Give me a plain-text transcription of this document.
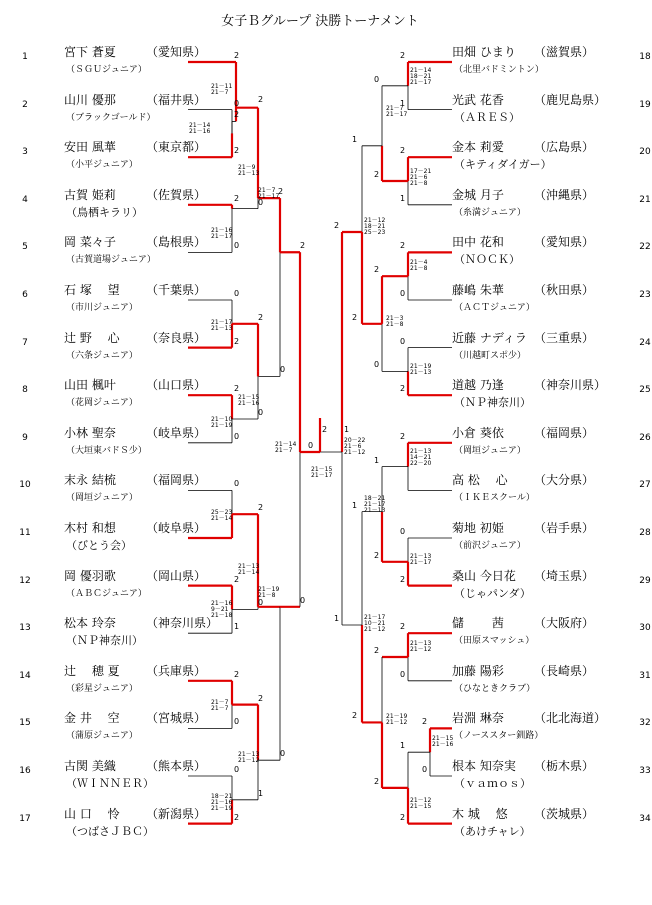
女子Ｂグループ 決勝トーナメント
1	宮下 蒼夏	（愛知県）
（ＳＧＵジュニア）
2	山川 優那	（福井県）
（ブラックゴールド）
3	安田 風華	（東京都）
（小平ジュニア）
4	古賀 姫莉	（佐賀県）
（鳥栖キラリ）
5	岡 菜々子	（島根県）
（古賀道場ジュニア）
6	石 塚　 望 （千葉県）
（市川ジュニア）
7	辻 野　 心 （奈良県）
（六条ジュニア）
8	山田 楓叶	（山口県）
（花岡ジュニア）
9	小林 聖奈	（岐阜県）
（大垣東バドＳ少）
10	末永 結梳	（福岡県）
（岡垣ジュニア）
11	木村 和想	（岐阜県）
（びとう会）
12	岡 優羽歌	（岡山県）
（ＡＢＣジュニア）
13	松本 玲奈	（神奈川県）
（ＮＰ神奈川）
14	辻　 穂 夏 （兵庫県）
（彩星ジュニア）
15	金 井　 空 （宮城県）
（蒲原ジュニア）
16	古関 美織	（熊本県）
（ＷＩＮＮＥＲ）
17	山 口　 怜 （新潟県）
（つばさＪＢＣ）
18
田畑 ひまり （滋賀県）
（北里バドミントン）
19
光武 花香	（鹿児島県）
（ＡＲＥＳ）
20
金本 莉愛	（広島県）
（キティダイガー）
21
金城 月子	（沖縄県）
（糸満ジュニア）
22
田中 花和	（愛知県）
（ＮＯＣＫ）
23
藤嶋 朱華	（秋田県）
（ＡＣＴジュニア）
24
近藤 ナディラ （三重県）
（川越町スポ少）
25
道越 乃逢	（神奈川県）
（ＮＰ神奈川）
26
小倉 葵依	（福岡県）
（岡垣ジュニア）
27
高 松　 心 （大分県）
（ＩＫＥスクール）
28
菊地 初姫	（岩手県）
（前沢ジュニア）
29
桑山 今日花 （埼玉県）
（じゃパンダ）
30
儲　　 茜	（大阪府）
（田原スマッシュ）
31
加藤 陽彩	（長崎県）
（ひなときクラブ）
32
岩淵 琳奈	（北北海道）
（ノーススター釧路）
33
根本 知奈実 （栃木県）
（ｖａｍｏｓ）
34
木 城　 悠 （茨城県）
（あけチャレ）
2
0
2
2
2
2
0
0
2
0
2
2
2
0
0
0
2
0
2
2
1
0
2
0
2
0
2
1
0
0
2
0
2
1
0
2
1
2
1
2
0
2
0
2
0
2
2
2
1
0
2
2
1
2
0
2
2
0
1
2
2
2
1
1
21－11
21－7
21－14
21－16
21－9
21－13
21－16
21－17
21－7
21－17
21－17
21－13
21－15
21－16
21－10
21－19
21－14
21－7
21－15
21－17
25－23
21－14
21－13
21－14
21－16
9－21
21－18
21－19
21－8
21－7
21－7
21－13
21－12
18－21
21－16
21－19
21－14
18－21
21－17
21－7
21－17
17－21
21－6
21－8
21－12
18－21
25－23
21－4
21－8
21－3
21－8
21－19
21－13
20－22
21－6
21－12	21－13
14－21
22－20
18－21
21－17
21－13
21－13
21－17
21－17
10－21
21－12
21－13
21－12
21－19
21－12
21－15
21－16
21－12
21－15
